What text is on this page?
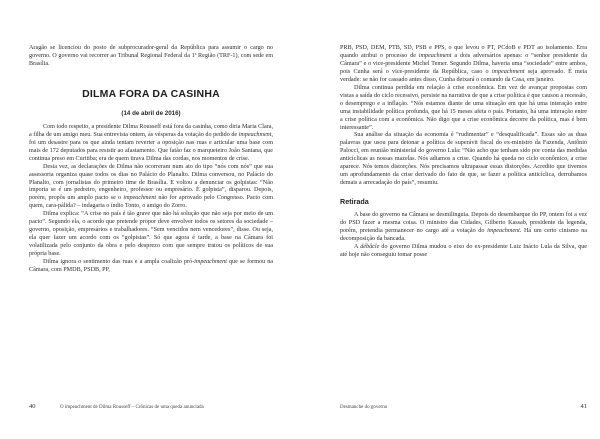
Aragão se licenciou do posto de subprocurador-geral da República para assumir o cargo no governo. O governo vai recorrer ao Tribunal Regional Federal da 1ª Região (TRF-1), com sede em Brasília.

DILMA FORA DA CASINHA
(14 de abril de 2016)

Com todo respeito, a presidente Dilma Rousseff está fora da casinha, como diria Maria Clara, a filha de um amigo meu. Sua entrevista ontem, às vésperas da votação do pedido de impeachment, foi um desastre para os que ainda tentam reverter a oposição nas ruas e articular uma base com mais de 172 deputados para resistir ao afastamento. Que fatão faz o marqueteiro João Santana, que continua preso em Curitiba; era de quem tirava Dilma das cordas, nos momentos de crise.

Desta vez, as declarações de Dilma não ocorreram num ato do tipo “nós com nós” que sua assessoria organiza quase todos os dias no Palácio do Planalto. Dilma conversou, no Palácio do Planalto, com jornalistas do primeiro time de Brasília. E voltou a denunciar os golpistas: “Não importa se é um pedreiro, engenheiro, professor ou empresário. É golpista”, disparou. Depois, porém, propôs um amplo pacto se o impeachment não for aprovado pelo Congresso. Pacto com quem, cara-pálida? – indagaria o índio Tonto, o amigo do Zorro.

Dilma explica: “A crise no país é tão grave que não há solução que não seja por meio de um pacto”. Segundo ela, o acordo que pretende propor deve envolver todos os setores da sociedade – governo, oposição, empresários e trabalhadores. “Sem vencidos nem vencedores”, disse. Ou seja, ela quer fazer um acordo com os “golpistas”. Só que agora é tarde, a base na Câmara foi volatilizada pelo conjunto da obra e pelo desprezo com que sempre tratou os políticos de sua própria base.

Dilma ignora o sentimento das ruas e a ampla coalizão pró-impeachment que se formou na Câmara, com PMDB, PSDB, PP,

40	O impeachment de Dilma Rousseff – Crônicas de uma queda anunciada

PRB, PSD, DEM, PTB, SD, PSB e PPS, o que levou o PT, PCdoB e PDT ao isolamento. Erra quando atribui o processo de impeachment a dois adversários apenas: o “senhor presidente da Câmara” e o vice-presidente Michel Temer. Segundo Dilma, haveria uma “sociedade” entre ambos, pois Cunha será o vice-presidente da República, caso o impeachment seja aprovado. É meia verdade: se não for cassado antes disso, Cunha deixará o comando da Casa, em janeiro.

Dilma continua perdida em relação à crise econômica. Em vez de avançar propostas com vistas a saída do ciclo recessivo, persiste na narrativa de que a crise política é que causou a recessão, o desemprego e a inflação. “Nós estamos diante de uma situação em que há uma interação entre uma instabilidade política profunda, que há 15 meses afeta o país. Portanto, há uma interação entre a crise política com a econômica. Não digo que a crise econômica decorre da política, mas é bem interessante”.

Sua análise da situação da economia é “rudimentar” e “desqualificada”. Essas são as duas palavras que usou para detonar a política de superávit fiscal do ex-ministro da Fazenda, Antônio Palocci, em reunião ministerial do governo Lula: “Não acho que tenham sido por conta das medidas anticíclicas as nossas mazelas. Nós adiamos a crise. Quando há queda no ciclo econômico, a crise aparece. Nós temos distorções. Nós precisamos ultrapassar essas distorções. Acredito que tivemos um aprofundamento da crise derivado do fato de que, se fazer a política anticíclica, derrubamos demais a arrecadação do país”, resumiu.

Retirada

A base do governo na Câmara se desmilinguia. Depois do desembarque do PP, ontem foi a vez do PSD fazer a mesma coisa. O ministro das Cidades, Gilberto Kassab, presidente da legenda, porém, pretendia permanecer no cargo até a votação do impeachment. Há um certo cinismo na decomposição da bancada.

A débâcle do governo Dilma mudou o eixo do ex-presidente Luiz Inácio Lula da Silva, que até hoje não conseguiu tomar posse

Desmanche do governo	41
